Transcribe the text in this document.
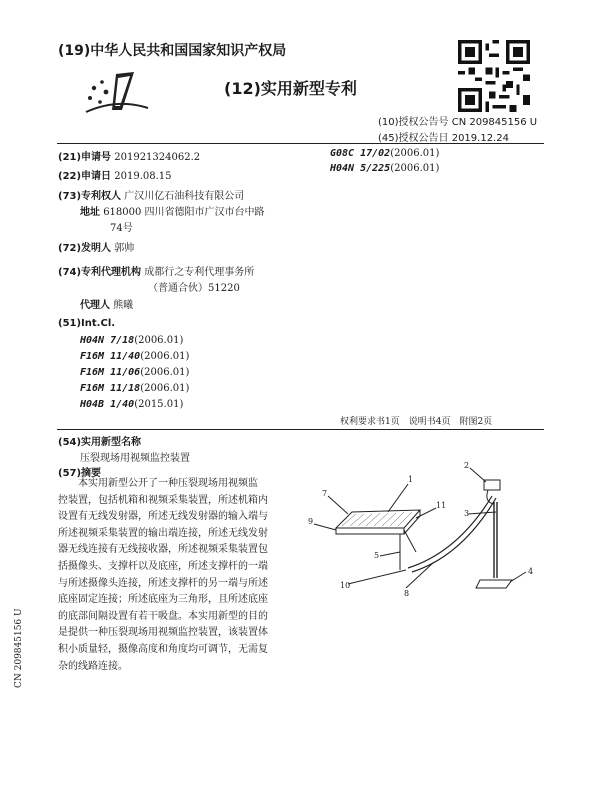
(19)中华人民共和国国家知识产权局
(12)实用新型专利
(10)授权公告号 CN 209845156 U
(45)授权公告日 2019.12.24
(21)申请号 201921324062.2
(22)申请日 2019.08.15
(73)专利权人 广汉川亿石油科技有限公司
地址 618000 四川省德阳市广汉市台中路
74号
(72)发明人 郭帅
(74)专利代理机构 成都行之专利代理事务所
（普通合伙）51220
代理人 熊曦
(51)Int.Cl.
H04N 7/18(2006.01)
F16M 11/40(2006.01)
F16M 11/06(2006.01)
F16M 11/18(2006.01)
H04B 1/40(2015.01)
G08C 17/02(2006.01)
H04N 5/225(2006.01)
权利要求书1页　说明书4页　附图2页
(54)实用新型名称
压裂现场用视频监控装置
(57)摘要
　　本实用新型公开了一种压裂现场用视频监
控装置，包括机箱和视频采集装置，所述机箱内
设置有无线发射器，所述无线发射器的输入端与
所述视频采集装置的输出端连接，所述无线发射
器无线连接有无线接收器，所述视频采集装置包
括摄像头、支撑杆以及底座，所述支撑杆的一端
与所述摄像头连接，所述支撑杆的另一端与所述
底座固定连接；所述底座为三角形，且所述底座
的底部间隔设置有若干吸盘。本实用新型的目的
是提供一种压裂现场用视频监控装置，该装置体
积小质量轻，摄像高度和角度均可调节，无需复
杂的线路连接。
7
1
11
2
9
3
5
10
8
4
CN 209845156 U
